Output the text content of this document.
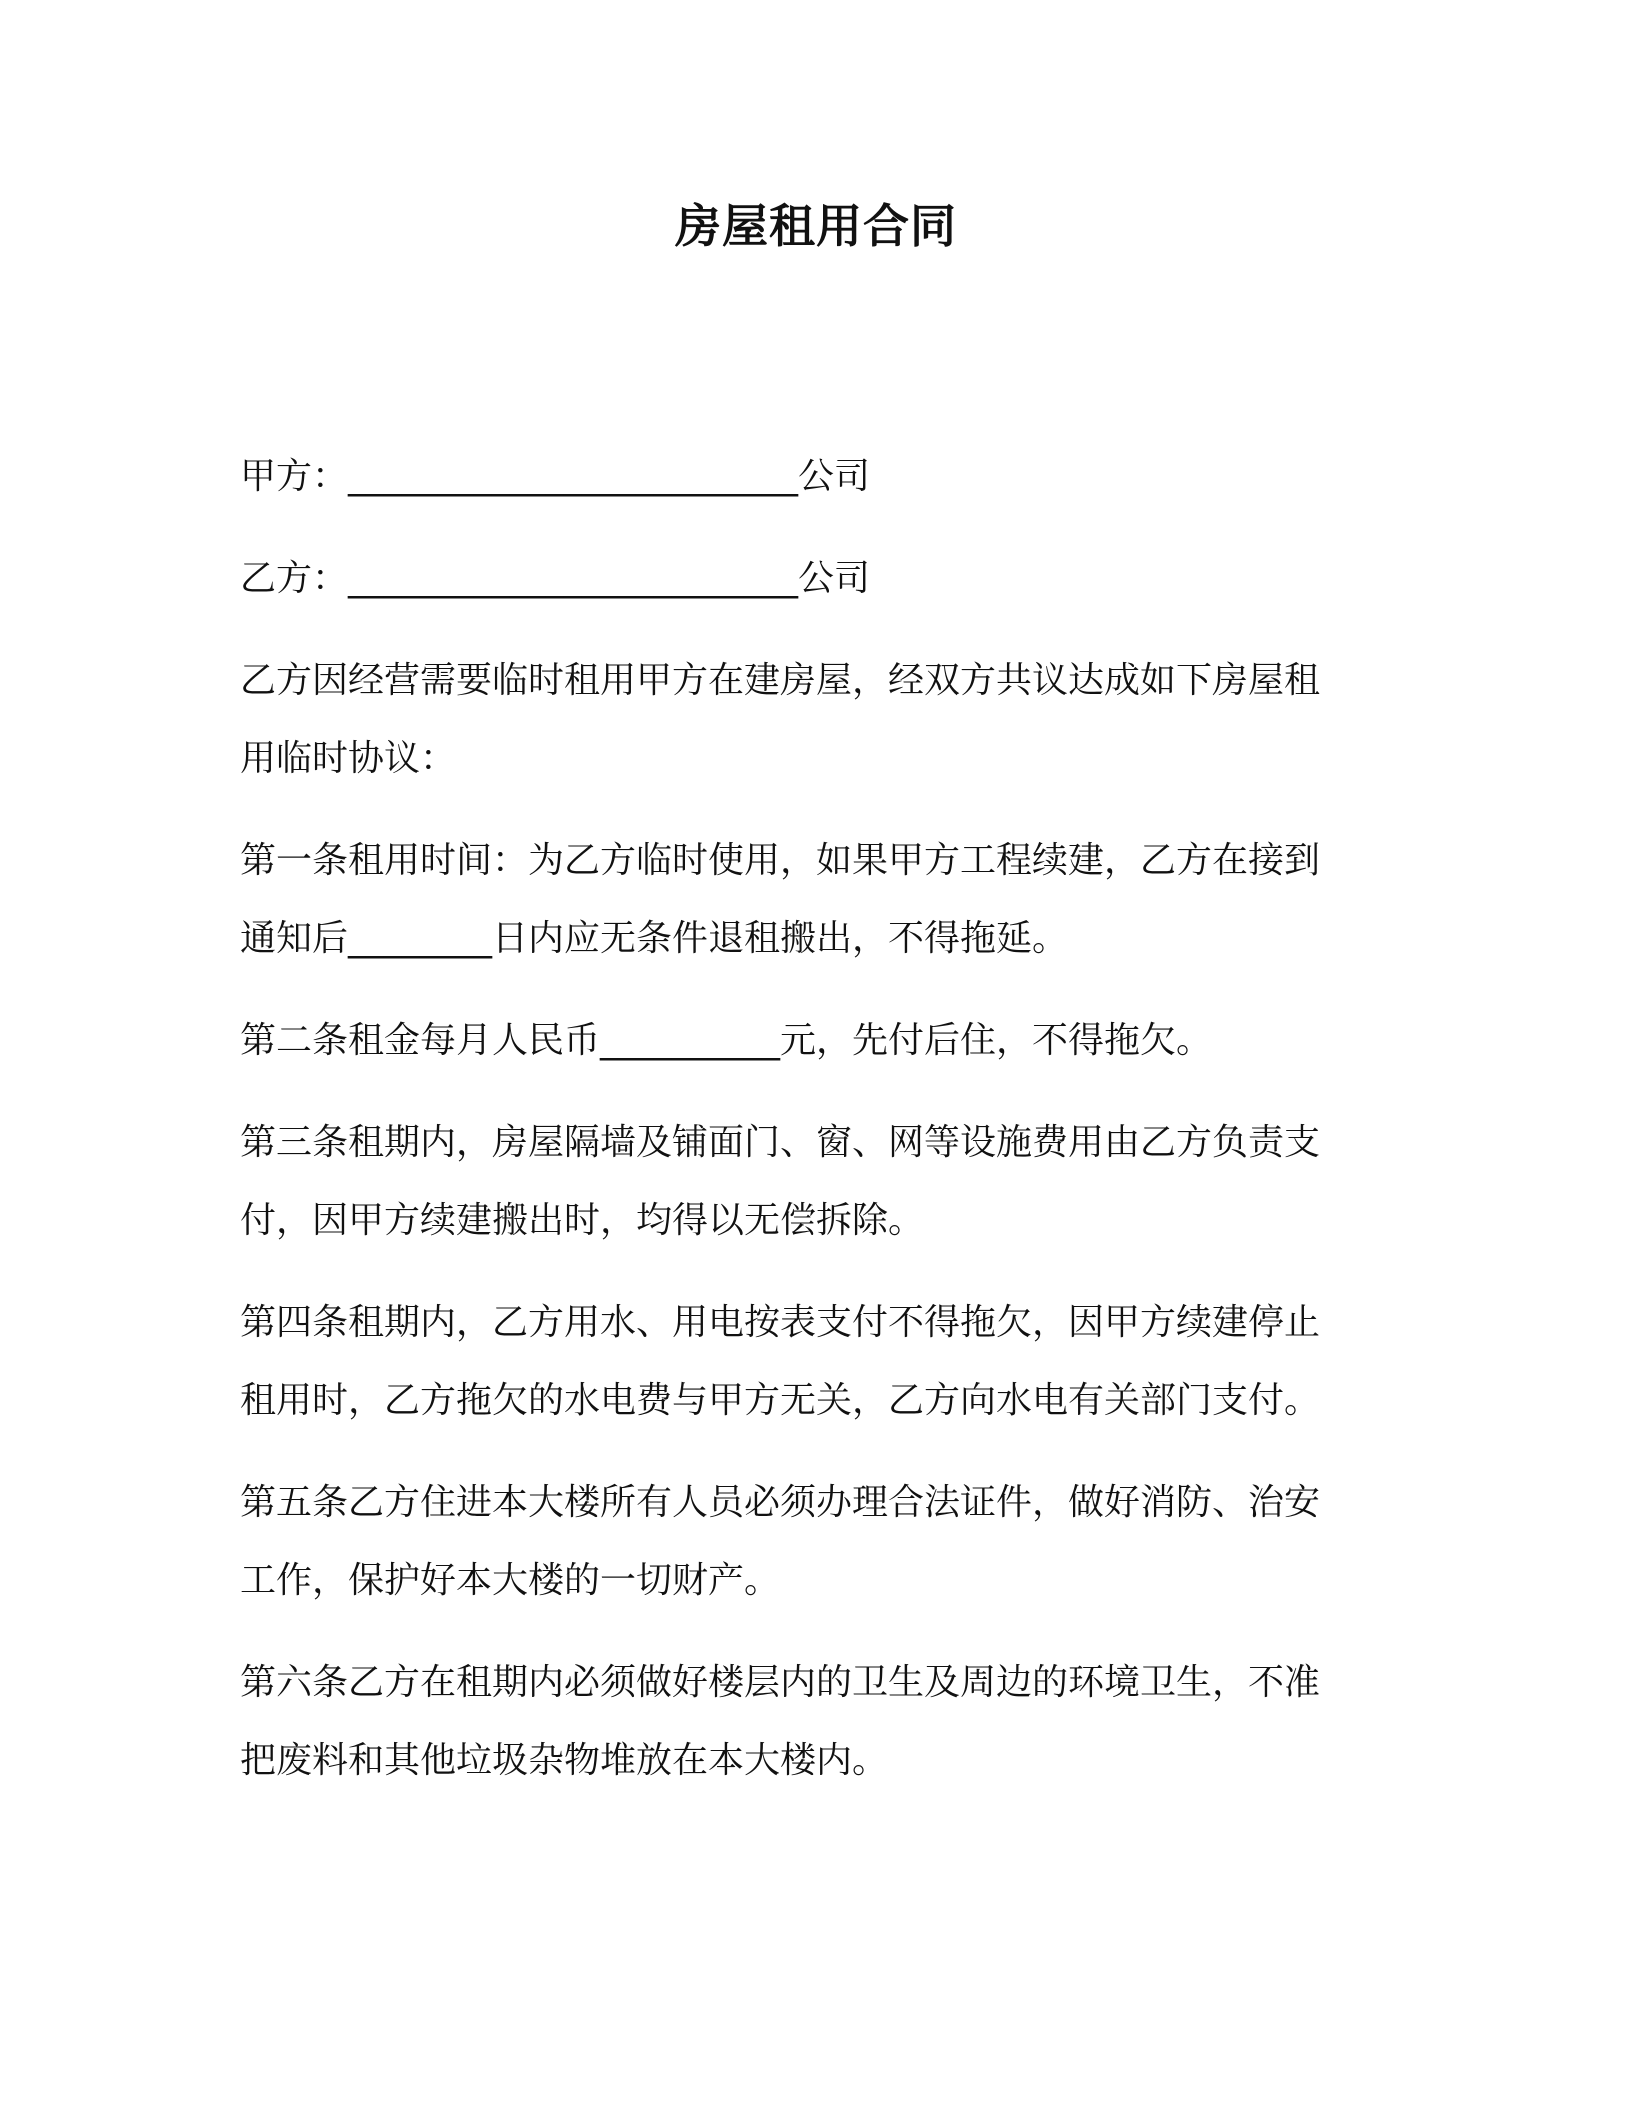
房屋租用合同

甲方：_________________________公司

乙方：_________________________公司

乙方因经营需要临时租用甲方在建房屋，经双方共议达成如下房屋租用临时协议：

第一条租用时间：为乙方临时使用，如果甲方工程续建，乙方在接到通知后________日内应无条件退租搬出，不得拖延。

第二条租金每月人民币__________元，先付后住，不得拖欠。

第三条租期内，房屋隔墙及铺面门、窗、网等设施费用由乙方负责支付，因甲方续建搬出时，均得以无偿拆除。

第四条租期内，乙方用水、用电按表支付不得拖欠，因甲方续建停止租用时，乙方拖欠的水电费与甲方无关，乙方向水电有关部门支付。

第五条乙方住进本大楼所有人员必须办理合法证件，做好消防、治安工作，保护好本大楼的一切财产。

第六条乙方在租期内必须做好楼层内的卫生及周边的环境卫生，不准把废料和其他垃圾杂物堆放在本大楼内。
